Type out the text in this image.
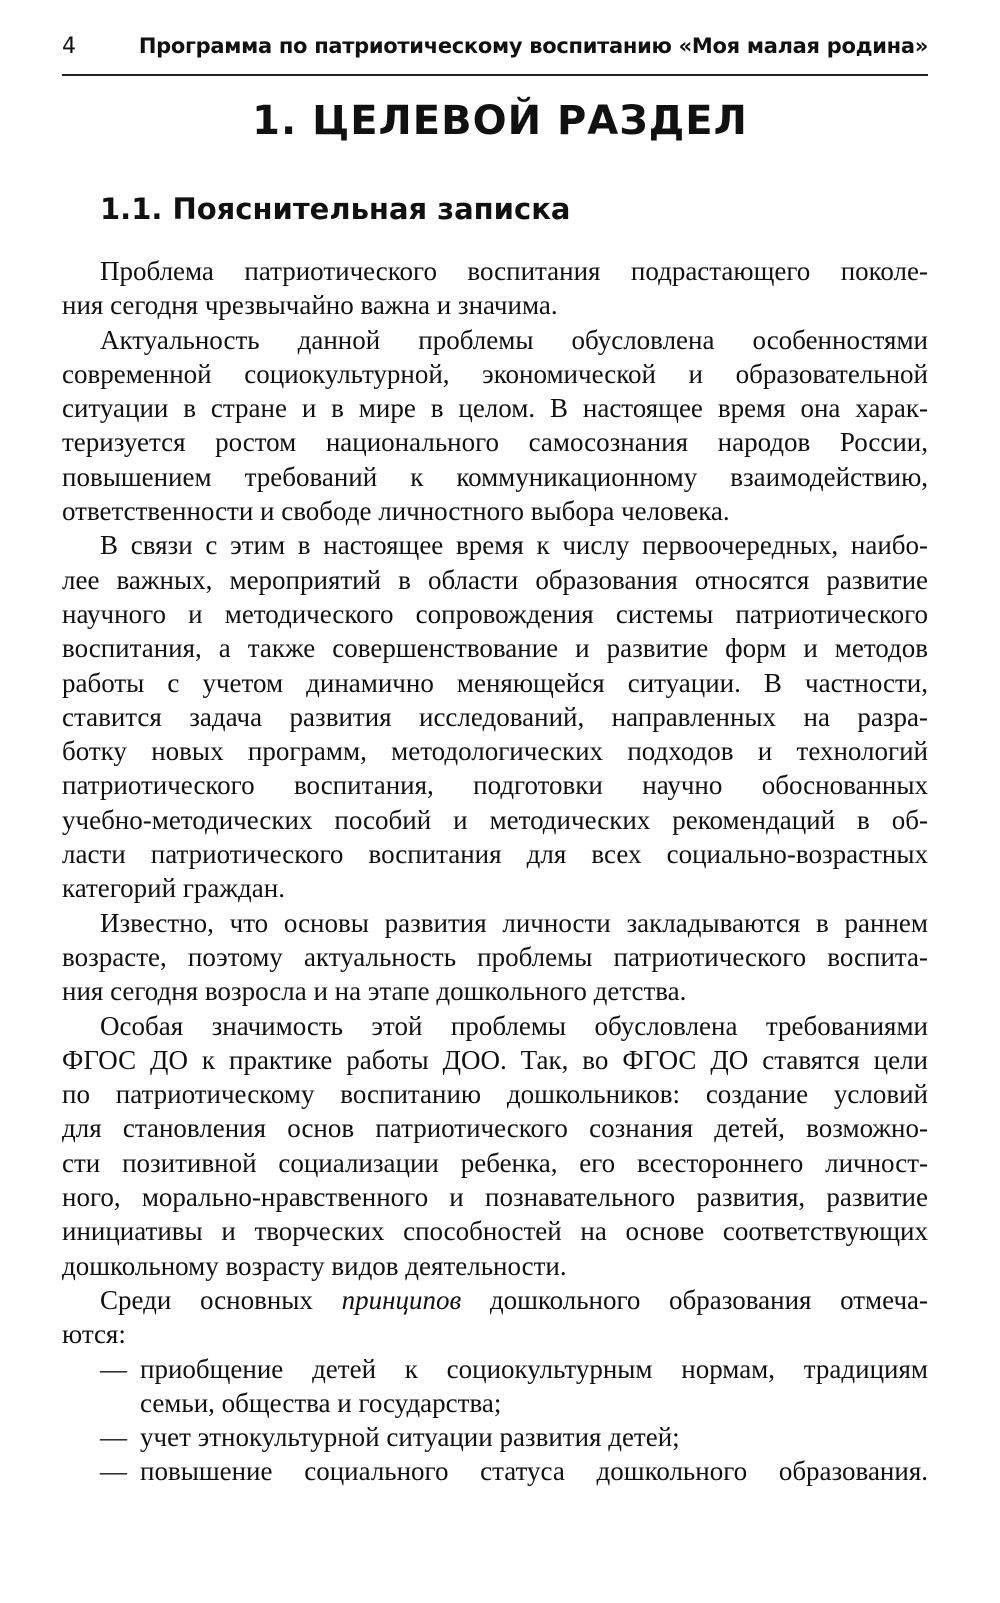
4	Программа по патриотическому воспитанию «Моя малая родина»
1. ЦЕЛЕВОЙ РАЗДЕЛ
1.1. Пояснительная записка
Проблема патриотического воспитания подрастающего поколе-
ния сегодня чрезвычайно важна и значима.
Актуальность данной проблемы обусловлена особенностями
современной социокультурной, экономической и образовательной
ситуации в стране и в мире в целом. В настоящее время она харак-
теризуется ростом национального самосознания народов России,
повышением требований к коммуникационному взаимодействию,
ответственности и свободе личностного выбора человека.
В связи с этим в настоящее время к числу первоочередных, наибо-
лее важных, мероприятий в области образования относятся развитие
научного и методического сопровождения системы патриотического
воспитания, а также совершенствование и развитие форм и методов
работы с учетом динамично меняющейся ситуации. В частности,
ставится задача развития исследований, направленных на разра-
ботку новых программ, методологических подходов и технологий
патриотического воспитания, подготовки научно обоснованных
учебно-методических пособий и методических рекомендаций в об-
ласти патриотического воспитания для всех социально-возрастных
категорий граждан.
Известно, что основы развития личности закладываются в раннем
возрасте, поэтому актуальность проблемы патриотического воспита-
ния сегодня возросла и на этапе дошкольного детства.
Особая значимость этой проблемы обусловлена требованиями
ФГОС ДО к практике работы ДОО. Так, во ФГОС ДО ставятся цели
по патриотическому воспитанию дошкольников: создание условий
для становления основ патриотического сознания детей, возможно-
сти позитивной социализации ребенка, его всестороннего личност-
ного, морально-нравственного и познавательного развития, развитие
инициативы и творческих способностей на основе соответствующих
дошкольному возрасту видов деятельности.
Среди основных принципов дошкольного образования отмеча-
ются:
— приобщение детей к социокультурным нормам, традициям
семьи, общества и государства;
— учет этнокультурной ситуации развития детей;
— повышение социального статуса дошкольного образования.
